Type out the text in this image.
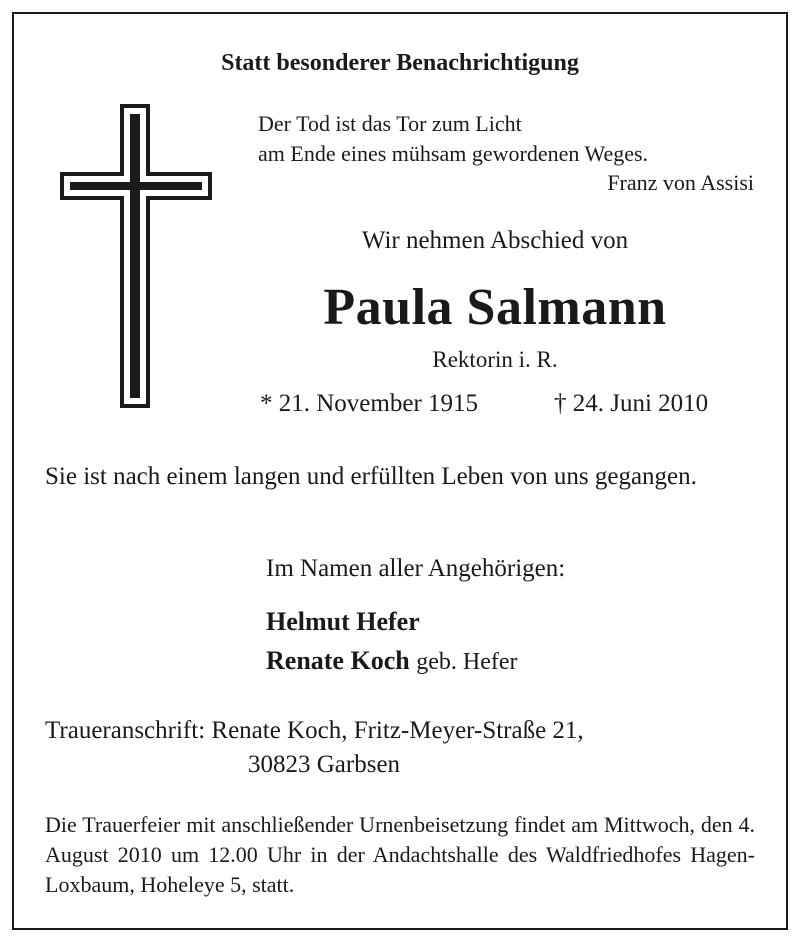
Statt besonderer Benachrichtigung
Der Tod ist das Tor zum Licht
am Ende eines mühsam gewordenen Weges.
Franz von Assisi
Wir nehmen Abschied von
Paula Salmann
Rektorin i. R.
* 21. November 1915	† 24. Juni 2010
Sie ist nach einem langen und erfüllten Leben von uns gegangen.
Im Namen aller Angehörigen:
Helmut Hefer
Renate Koch geb. Hefer
Traueranschrift: Renate Koch, Fritz-Meyer-Straße 21,
30823 Garbsen
Die Trauerfeier mit anschließender Urnenbeisetzung findet am Mittwoch, den 4. August 2010 um 12.00 Uhr in der Andachtshalle des Waldfriedhofes Hagen-Loxbaum, Hoheleye 5, statt.
